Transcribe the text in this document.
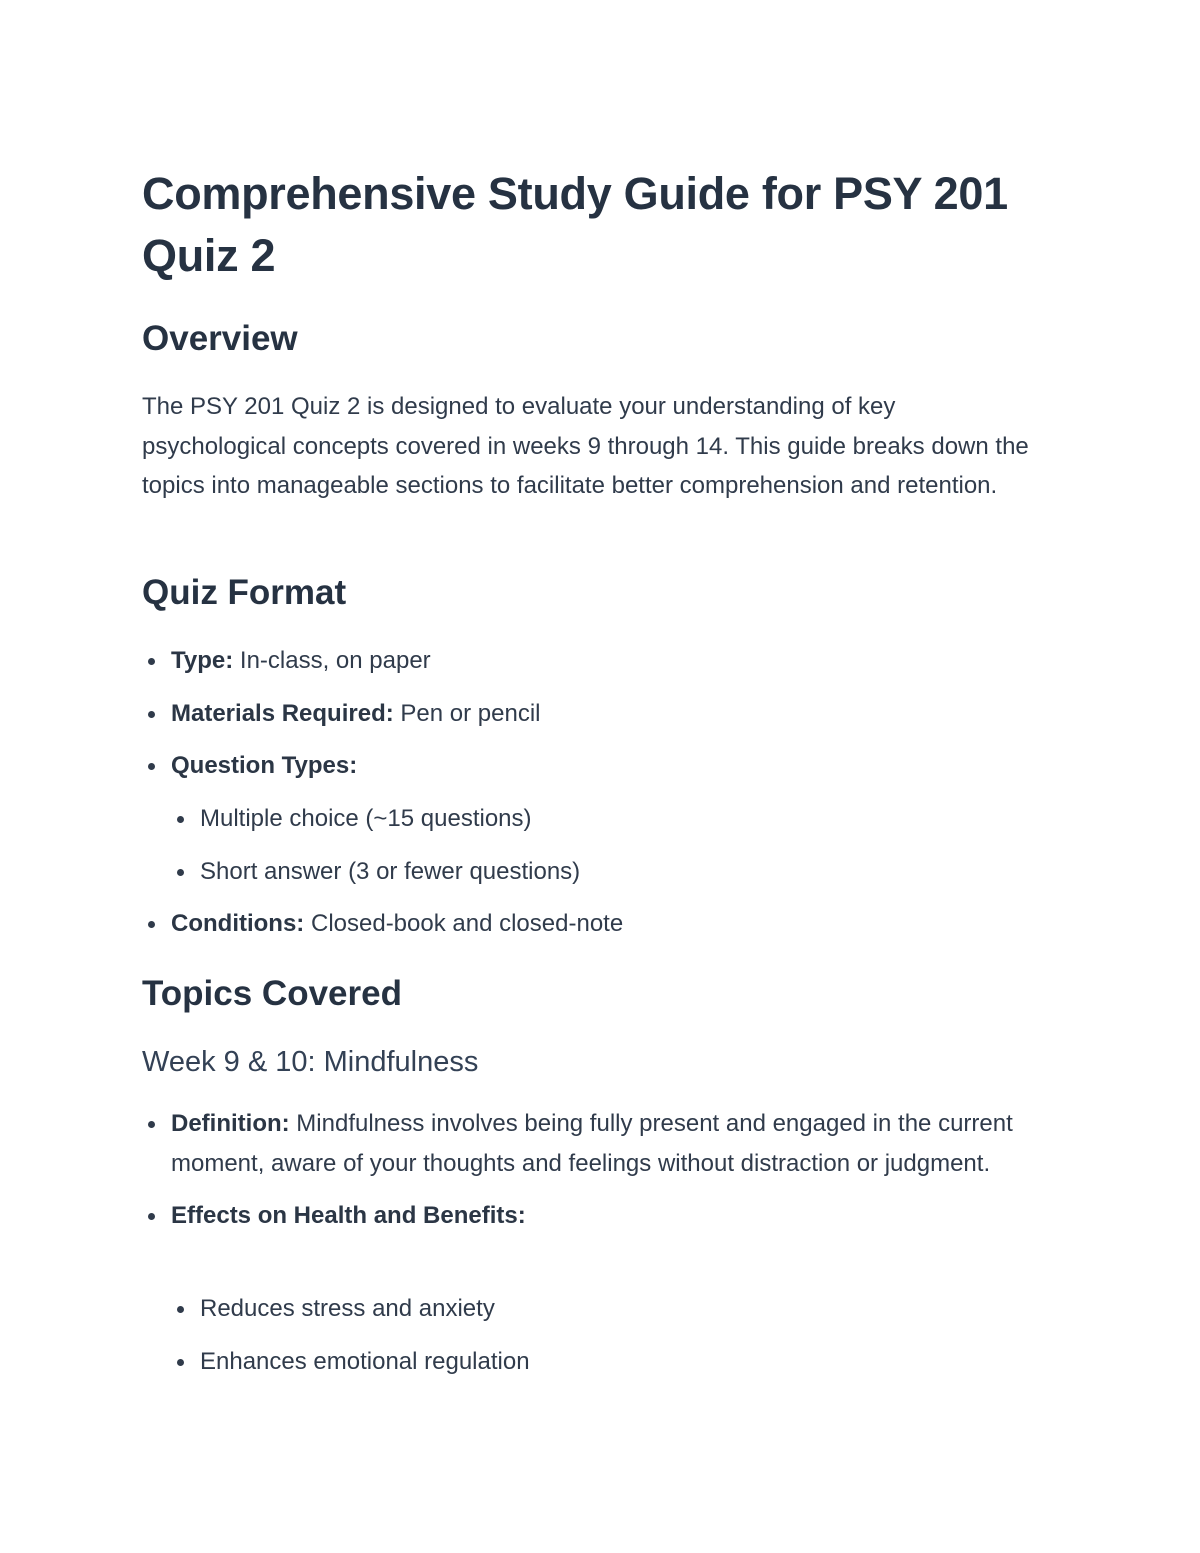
Comprehensive Study Guide for PSY 201 Quiz 2
Overview

The PSY 201 Quiz 2 is designed to evaluate your understanding of key psychological concepts covered in weeks 9 through 14. This guide breaks down the topics into manageable sections to facilitate better comprehension and retention.

Quiz Format
Type: In-class, on paper
Materials Required: Pen or pencil
Question Types:
Multiple choice (~15 questions)
Short answer (3 or fewer questions)
Conditions: Closed-book and closed-note
Topics Covered
Week 9 & 10: Mindfulness
Definition: Mindfulness involves being fully present and engaged in the current moment, aware of your thoughts and feelings without distraction or judgment.
Effects on Health and Benefits:
Reduces stress and anxiety
Enhances emotional regulation
